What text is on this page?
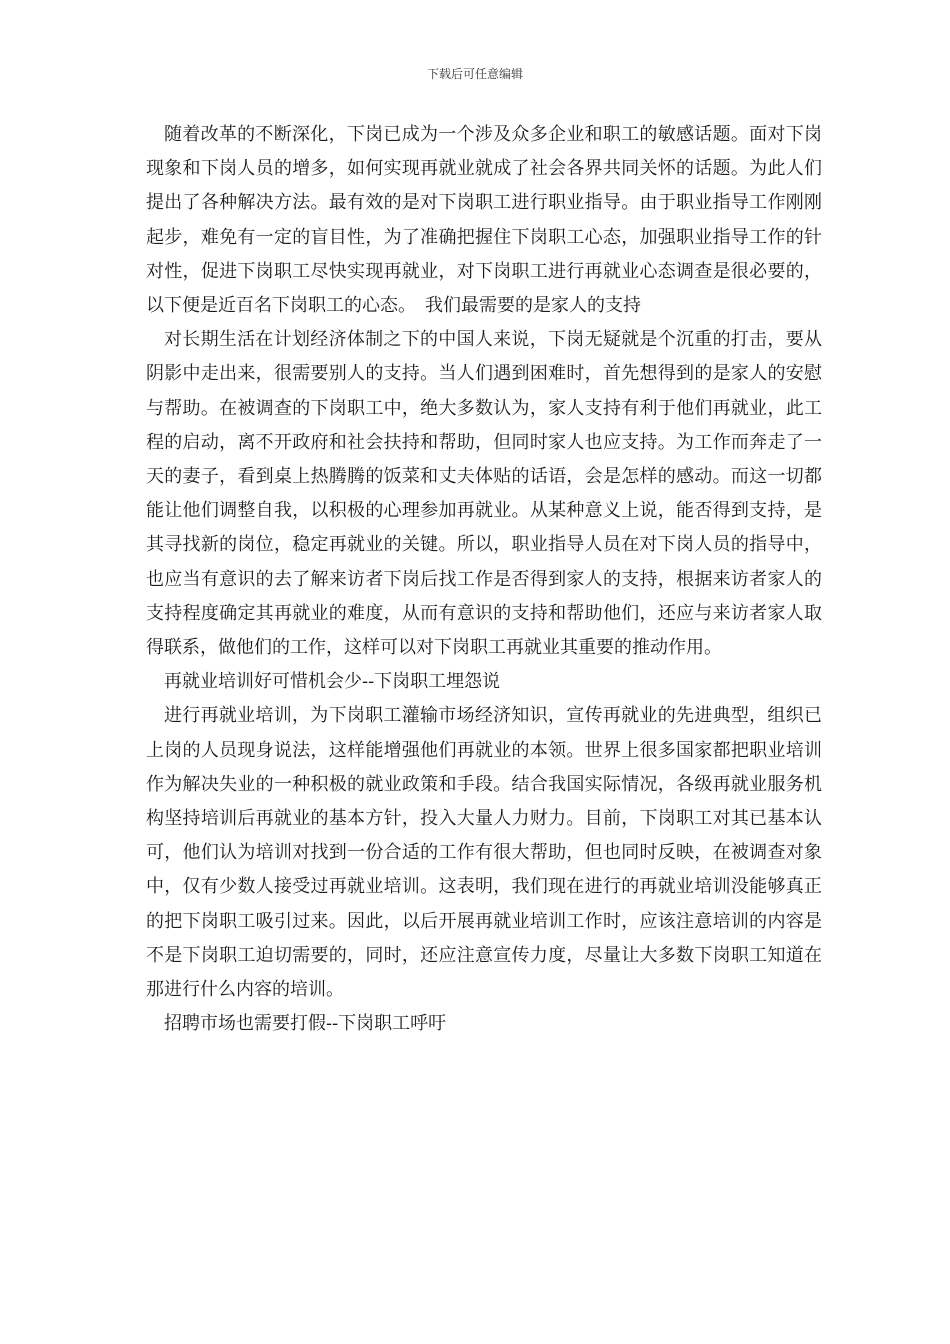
下载后可任意编辑

随着改革的不断深化，下岗已成为一个涉及众多企业和职工的敏感话题。面对下岗现象和下岗人员的增多，如何实现再就业就成了社会各界共同关怀的话题。为此人们提出了各种解决方法。最有效的是对下岗职工进行职业指导。由于职业指导工作刚刚起步，难免有一定的盲目性，为了准确把握住下岗职工心态，加强职业指导工作的针对性，促进下岗职工尽快实现再就业，对下岗职工进行再就业心态调查是很必要的，以下便是近百名下岗职工的心态。　我们最需要的是家人的支持

对长期生活在计划经济体制之下的中国人来说，下岗无疑就是个沉重的打击，要从阴影中走出来，很需要别人的支持。当人们遇到困难时，首先想得到的是家人的安慰与帮助。在被调查的下岗职工中，绝大多数认为，家人支持有利于他们再就业，此工程的启动，离不开政府和社会扶持和帮助，但同时家人也应支持。为工作而奔走了一天的妻子，看到桌上热腾腾的饭菜和丈夫体贴的话语，会是怎样的感动。而这一切都能让他们调整自我，以积极的心理参加再就业。从某种意义上说，能否得到支持，是其寻找新的岗位，稳定再就业的关键。所以，职业指导人员在对下岗人员的指导中，也应当有意识的去了解来访者下岗后找工作是否得到家人的支持，根据来访者家人的支持程度确定其再就业的难度，从而有意识的支持和帮助他们，还应与来访者家人取得联系，做他们的工作，这样可以对下岗职工再就业其重要的推动作用。

再就业培训好可惜机会少--下岗职工埋怨说

进行再就业培训，为下岗职工灌输市场经济知识，宣传再就业的先进典型，组织已上岗的人员现身说法，这样能增强他们再就业的本领。世界上很多国家都把职业培训作为解决失业的一种积极的就业政策和手段。结合我国实际情况，各级再就业服务机构坚持培训后再就业的基本方针，投入大量人力财力。目前，下岗职工对其已基本认可，他们认为培训对找到一份合适的工作有很大帮助，但也同时反映，在被调查对象中，仅有少数人接受过再就业培训。这表明，我们现在进行的再就业培训没能够真正的把下岗职工吸引过来。因此，以后开展再就业培训工作时，应该注意培训的内容是不是下岗职工迫切需要的，同时，还应注意宣传力度，尽量让大多数下岗职工知道在那进行什么内容的培训。

招聘市场也需要打假--下岗职工呼吁
